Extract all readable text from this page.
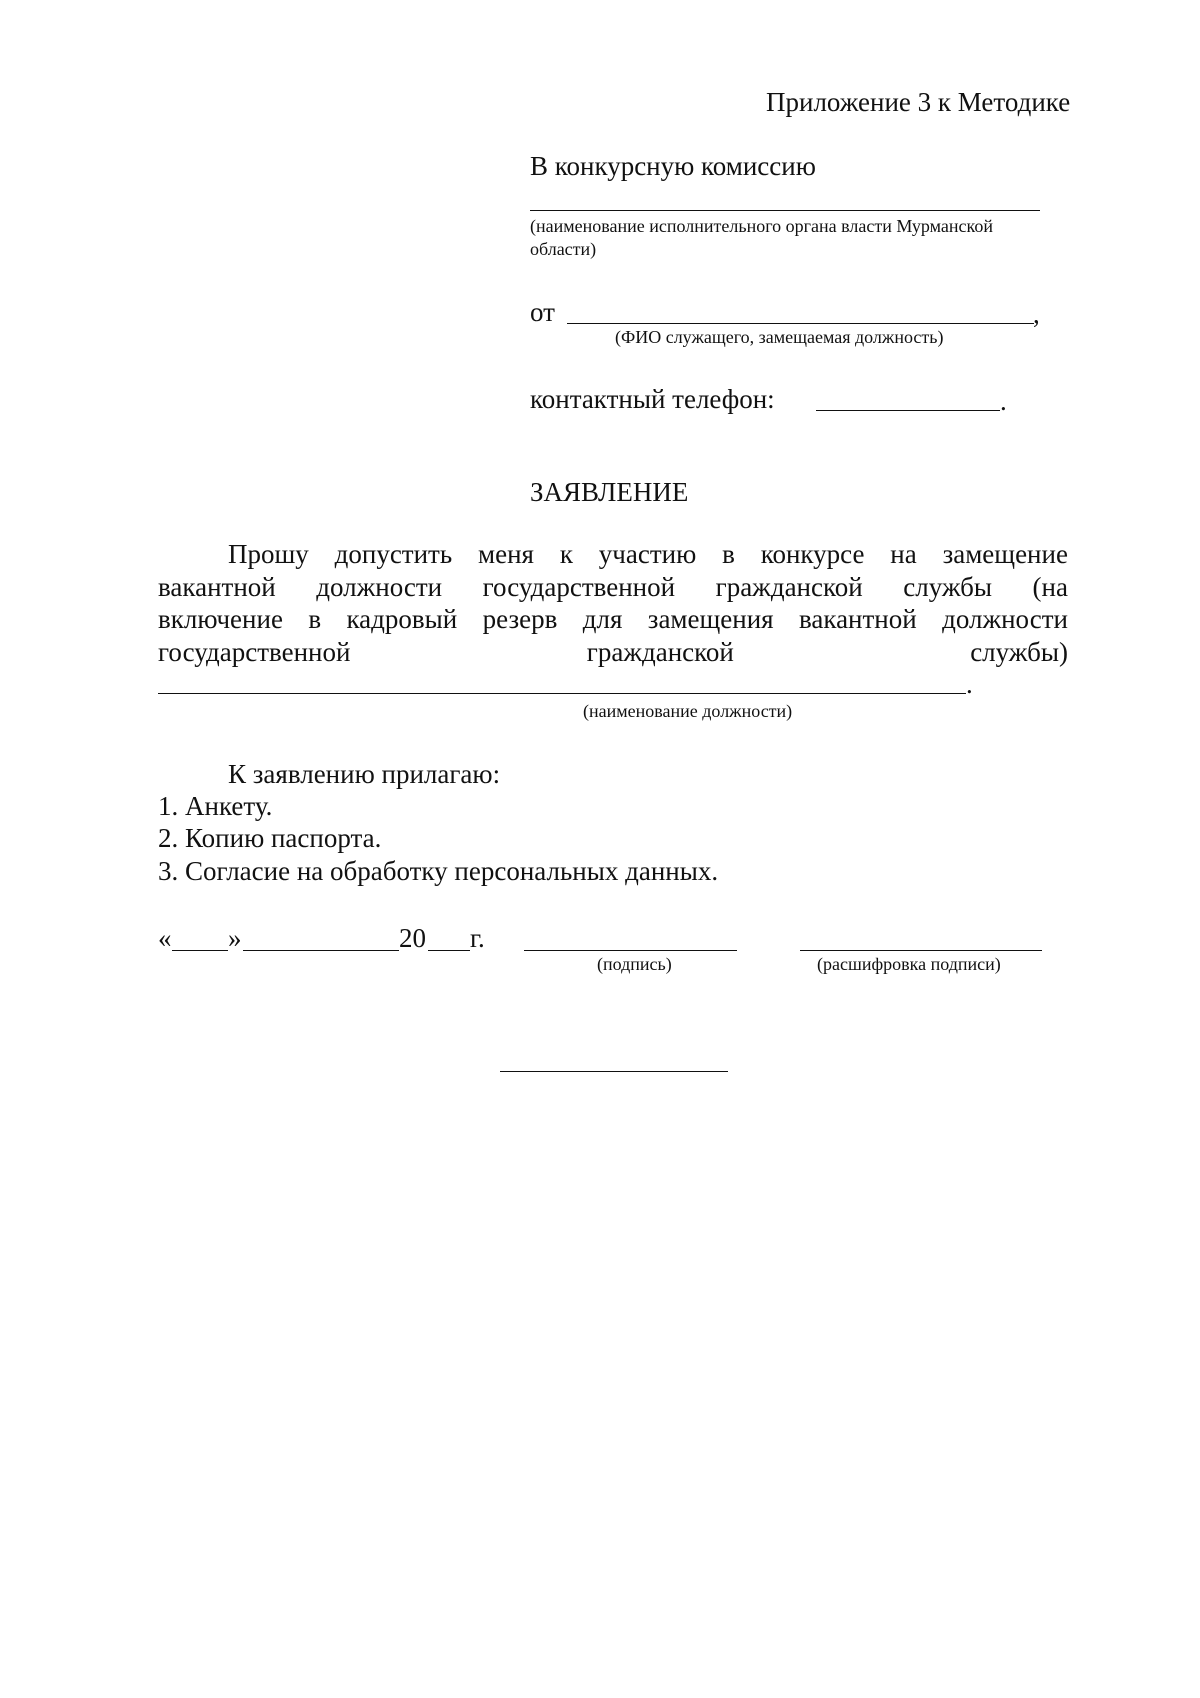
Приложение 3 к Методике
В конкурсную комиссию
(наименование исполнительного органа власти Мурманской
области)
от	,
(ФИО служащего, замещаемая должность)
контактный телефон:	.
ЗАЯВЛЕНИЕ
Прошу допустить меня к участию в конкурсе на замещение
вакантной должности государственной гражданской службы (на
включение в кадровый резерв для замещения вакантной должности
государственной	гражданской	службы)
.
(наименование должности)
К заявлению прилагаю:
1. Анкету.
2. Копию паспорта.
3. Согласие на обработку персональных данных.
« »	20 г.
(подпись)	(расшифровка подписи)
